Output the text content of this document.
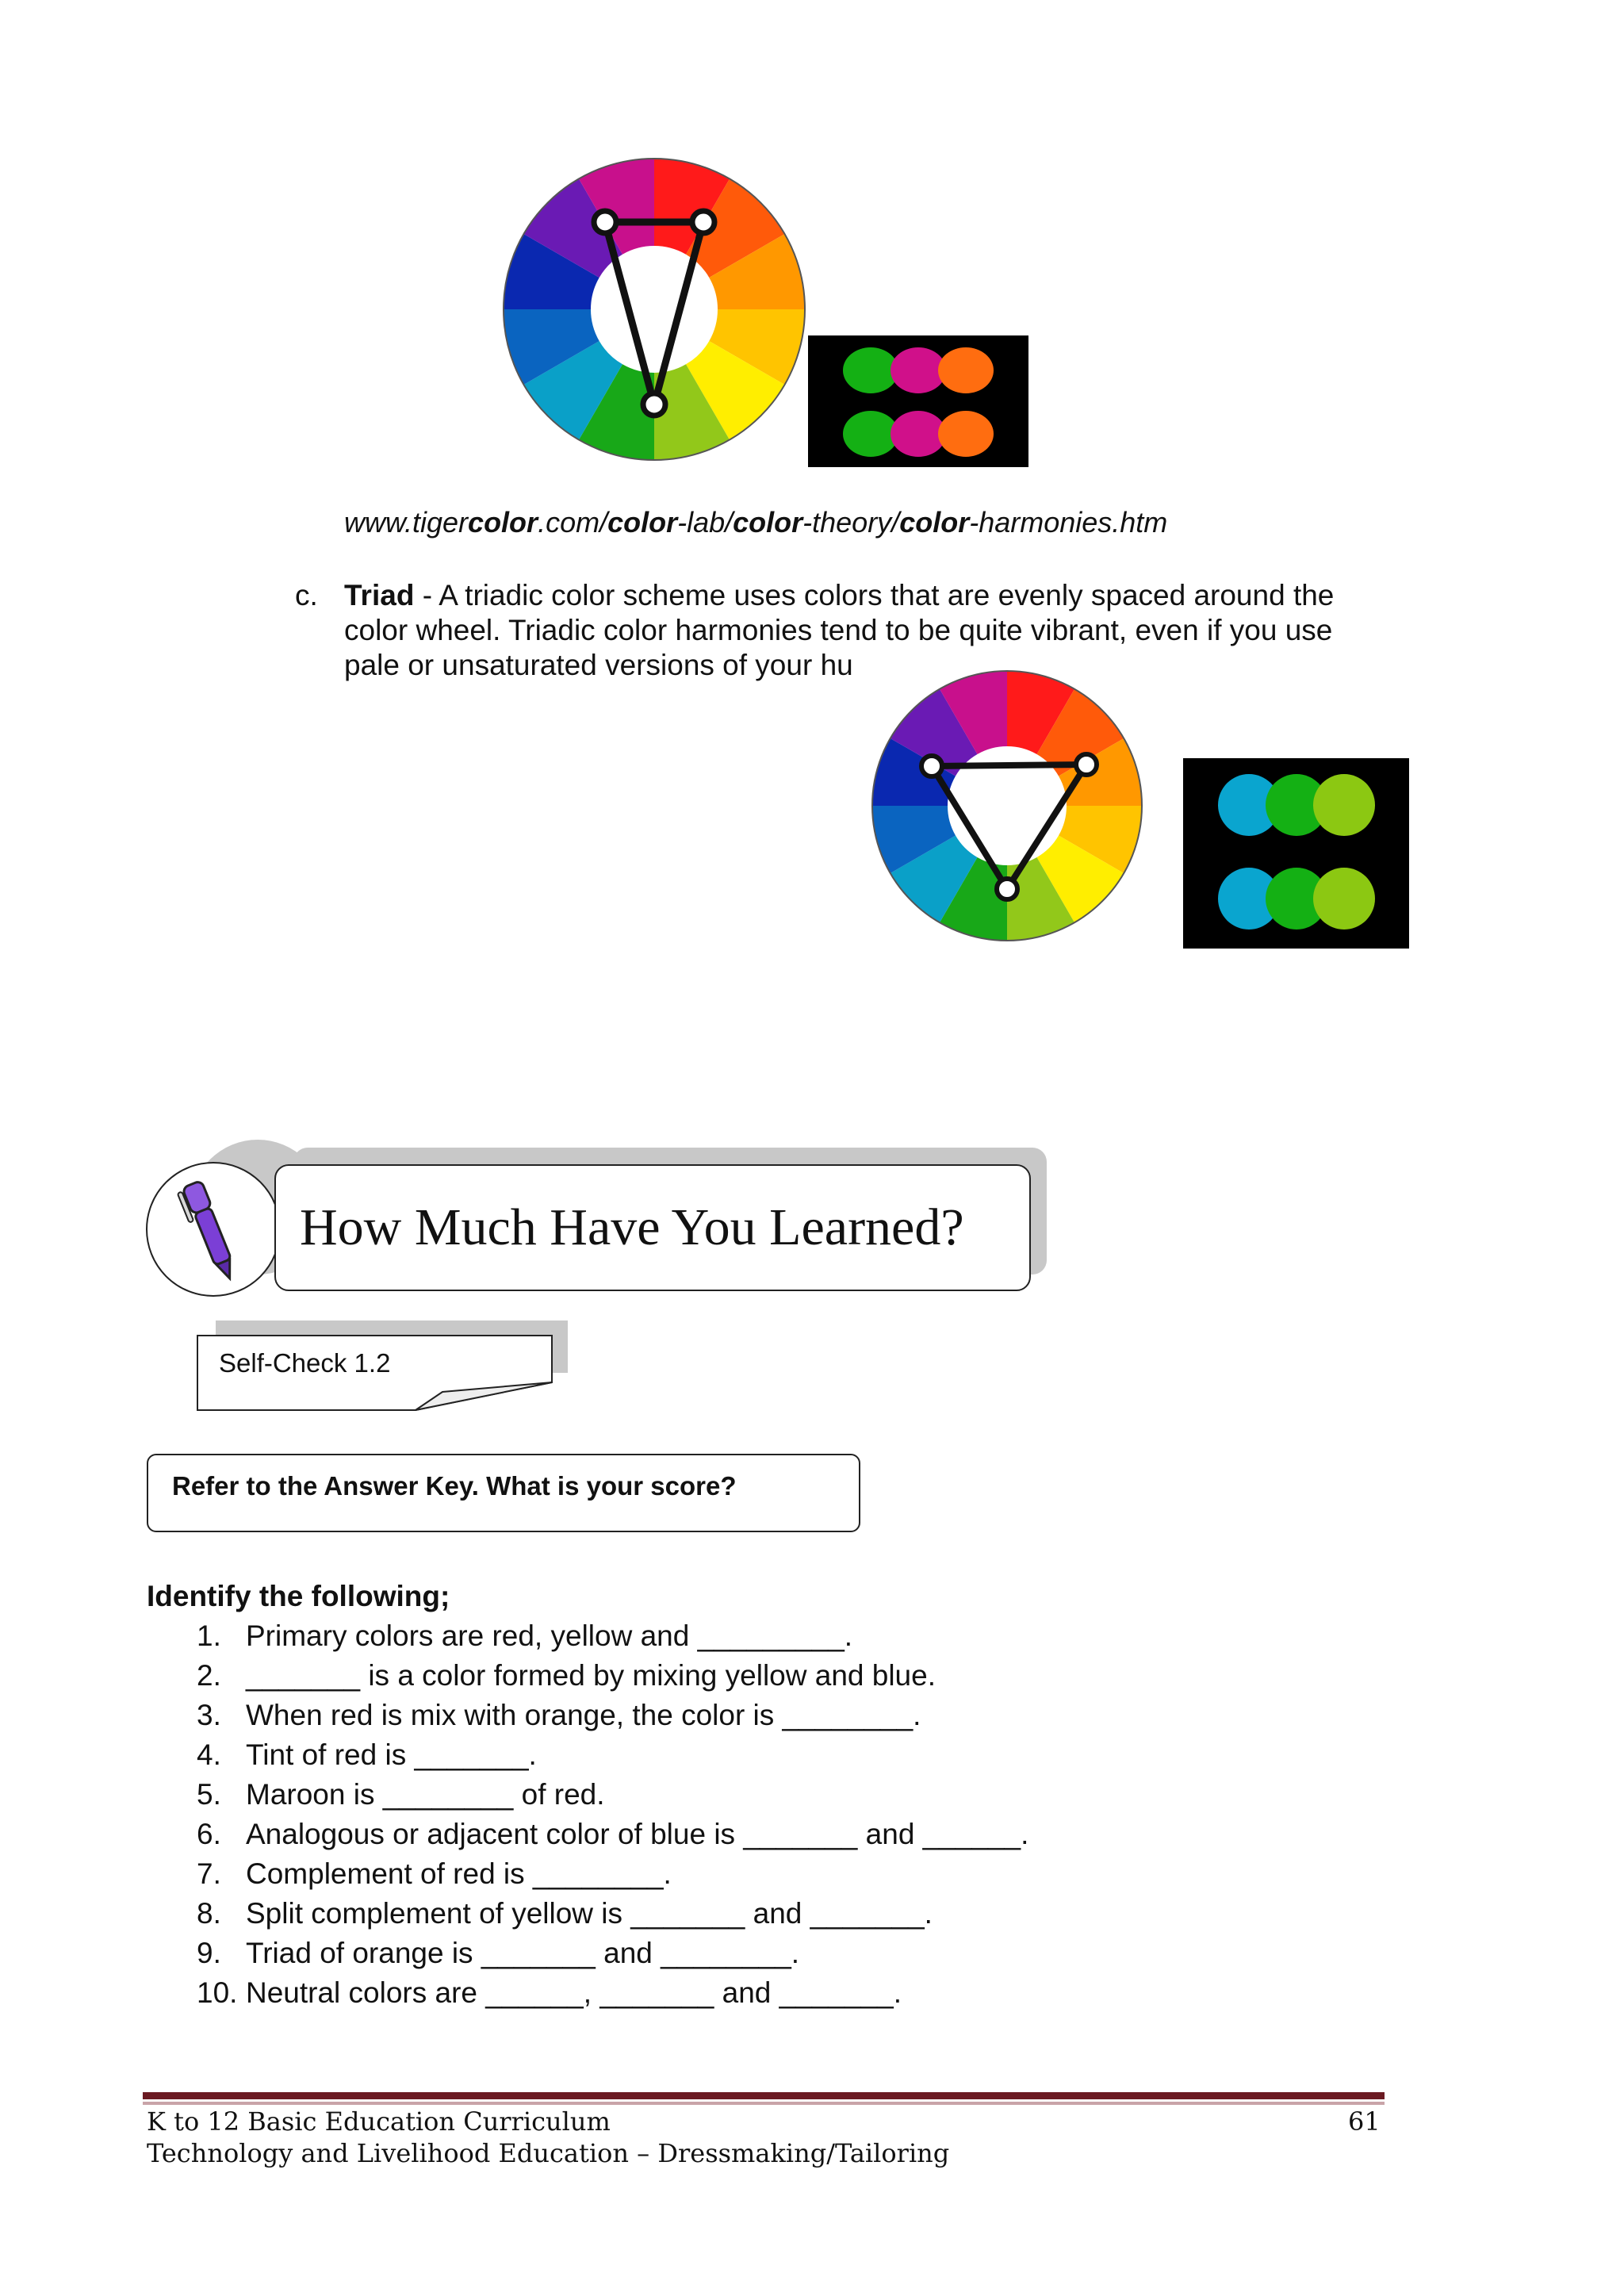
www.tigercolor.com/color-lab/color-theory/color-harmonies.htm
c. Triad - A triadic color scheme uses colors that are evenly spaced around the
color wheel. Triadic color harmonies tend to be quite vibrant, even if you use
pale or unsaturated versions of your hu
How Much Have You Learned?
Self-Check 1.2
Refer to the Answer Key. What is your score?
Identify the following;
1. Primary colors are red, yellow and _________.
2. _______ is a color formed by mixing yellow and blue.
3. When red is mix with orange, the color is ________.
4. Tint of red is _______.
5. Maroon is ________ of red.
6. Analogous or adjacent color of blue is _______ and ______.
7. Complement of red is ________.
8. Split complement of yellow is _______ and _______.
9. Triad of orange is _______ and ________.
10. Neutral colors are ______, _______ and _______.
K to 12 Basic Education Curriculum
Technology and Livelihood Education – Dressmaking/Tailoring
61
